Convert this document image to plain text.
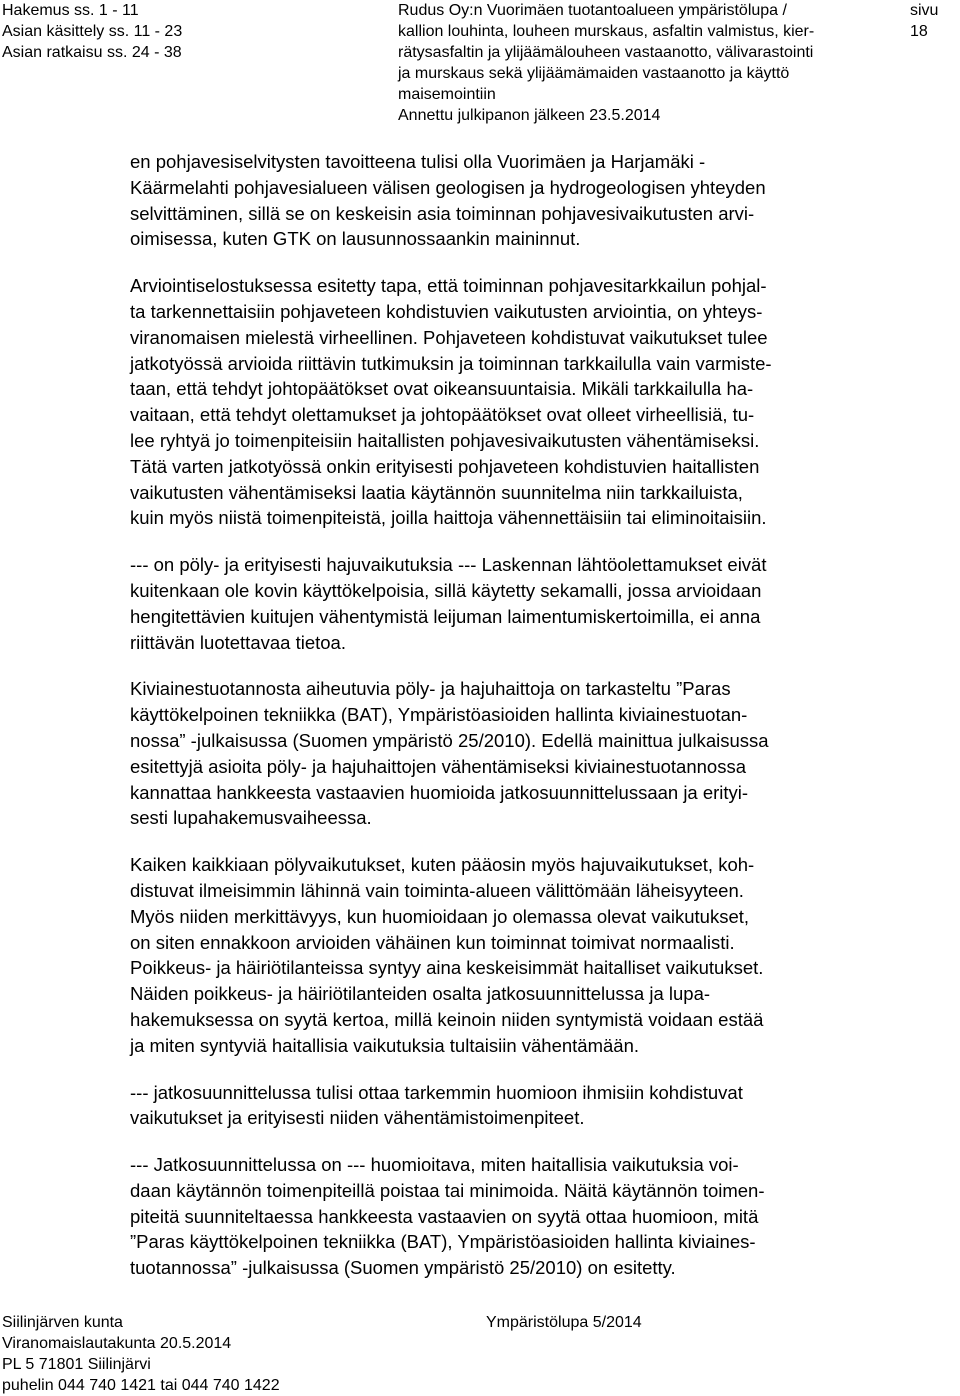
Hakemus ss. 1 - 11
Asian käsittely ss. 11 - 23
Asian ratkaisu ss. 24 - 38
Rudus Oy:n Vuorimäen tuotantoalueen ympäristölupa /
kallion louhinta, louheen murskaus, asfaltin valmistus, kier-
rätysasfaltin ja ylijäämälouheen vastaanotto, välivarastointi
ja murskaus sekä ylijäämämaiden vastaanotto ja käyttö
maisemointiin
Annettu julkipanon jälkeen 23.5.2014
sivu 18
en pohjavesiselvitysten tavoitteena tulisi olla Vuorimäen ja Harjamäki -
Käärmelahti pohjavesialueen välisen geologisen ja hydrogeologisen yhteyden
selvittäminen, sillä se on keskeisin asia toiminnan pohjavesivaikutusten arvi-
oimisessa, kuten GTK on lausunnossaankin maininnut.
Arviointiselostuksessa esitetty tapa, että toiminnan pohjavesitarkkailun pohjal-
ta tarkennettaisiin pohjaveteen kohdistuvien vaikutusten arviointia, on yhteys-
viranomaisen mielestä virheellinen. Pohjaveteen kohdistuvat vaikutukset tulee
jatkotyössä arvioida riittävin tutkimuksin ja toiminnan tarkkailulla vain varmiste-
taan, että tehdyt johtopäätökset ovat oikeansuuntaisia. Mikäli tarkkailulla ha-
vaitaan, että tehdyt olettamukset ja johtopäätökset ovat olleet virheellisiä, tu-
lee ryhtyä jo toimenpiteisiin haitallisten pohjavesivaikutusten vähentämiseksi.
Tätä varten jatkotyössä onkin erityisesti pohjaveteen kohdistuvien haitallisten
vaikutusten vähentämiseksi laatia käytännön suunnitelma niin tarkkailuista,
kuin myös niistä toimenpiteistä, joilla haittoja vähennettäisiin tai eliminoitaisiin.
--- on pöly- ja erityisesti hajuvaikutuksia --- Laskennan lähtöolettamukset eivät
kuitenkaan ole kovin käyttökelpoisia, sillä käytetty sekamalli, jossa arvioidaan
hengitettävien kuitujen vähentymistä leijuman laimentumiskertoimilla, ei anna
riittävän luotettavaa tietoa.
Kiviainestuotannosta aiheutuvia pöly- ja hajuhaittoja on tarkasteltu ”Paras
käyttökelpoinen tekniikka (BAT), Ympäristöasioiden hallinta kiviainestuotan-
nossa” -julkaisussa (Suomen ympäristö 25/2010). Edellä mainittua julkaisussa
esitettyjä asioita pöly- ja hajuhaittojen vähentämiseksi kiviainestuotannossa
kannattaa hankkeesta vastaavien huomioida jatkosuunnittelussaan ja erityi-
sesti lupahakemusvaiheessa.
Kaiken kaikkiaan pölyvaikutukset, kuten pääosin myös hajuvaikutukset, koh-
distuvat ilmeisimmin lähinnä vain toiminta-alueen välittömään läheisyyteen.
Myös niiden merkittävyys, kun huomioidaan jo olemassa olevat vaikutukset,
on siten ennakkoon arvioiden vähäinen kun toiminnat toimivat normaalisti.
Poikkeus- ja häiriötilanteissa syntyy aina keskeisimmät haitalliset vaikutukset.
Näiden poikkeus- ja häiriötilanteiden osalta jatkosuunnittelussa ja lupa-
hakemuksessa on syytä kertoa, millä keinoin niiden syntymistä voidaan estää
ja miten syntyviä haitallisia vaikutuksia tultaisiin vähentämään.
--- jatkosuunnittelussa tulisi ottaa tarkemmin huomioon ihmisiin kohdistuvat
vaikutukset ja erityisesti niiden vähentämistoimenpiteet.
--- Jatkosuunnittelussa on --- huomioitava, miten haitallisia vaikutuksia voi-
daan käytännön toimenpiteillä poistaa tai minimoida. Näitä käytännön toimen-
piteitä suunniteltaessa hankkeesta vastaavien on syytä ottaa huomioon, mitä
”Paras käyttökelpoinen tekniikka (BAT), Ympäristöasioiden hallinta kiviaines-
tuotannossa” -julkaisussa (Suomen ympäristö 25/2010) on esitetty.
Siilinjärven kunta
Viranomaislautakunta 20.5.2014
PL 5 71801 Siilinjärvi
puhelin 044 740 1421 tai 044 740 1422
Ympäristölupa 5/2014
